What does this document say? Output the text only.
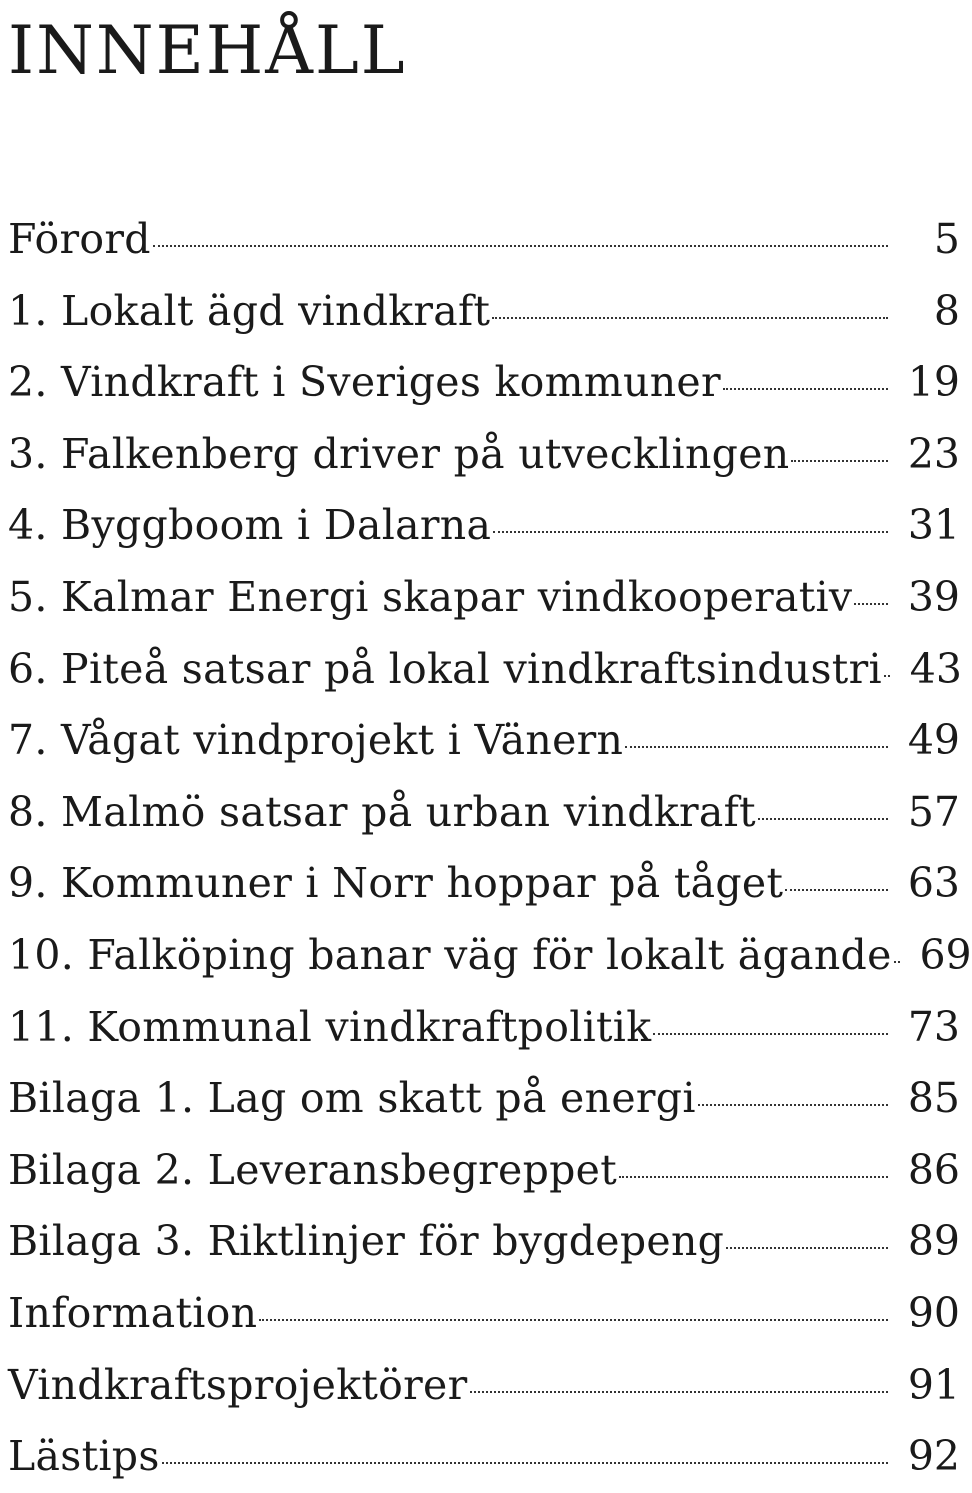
INNEHÅLL
Förord	5
1. Lokalt ägd vindkraft	8
2. Vindkraft i Sveriges kommuner	19
3. Falkenberg driver på utvecklingen	23
4. Byggboom i Dalarna	31
5. Kalmar Energi skapar vindkooperativ	39
6. Piteå satsar på lokal vindkraftsindustri 43
7. Vågat vindprojekt i Vänern	49
8. Malmö satsar på urban vindkraft	57
9. Kommuner i Norr hoppar på tåget	63
10. Falköping banar väg för lokalt ägande 69
11. Kommunal vindkraftpolitik	73
Bilaga 1. Lag om skatt på energi	85
Bilaga 2. Leveransbegreppet	86
Bilaga 3. Riktlinjer för bygdepeng	89
Information	90
Vindkraftsprojektörer	91
Lästips	92
